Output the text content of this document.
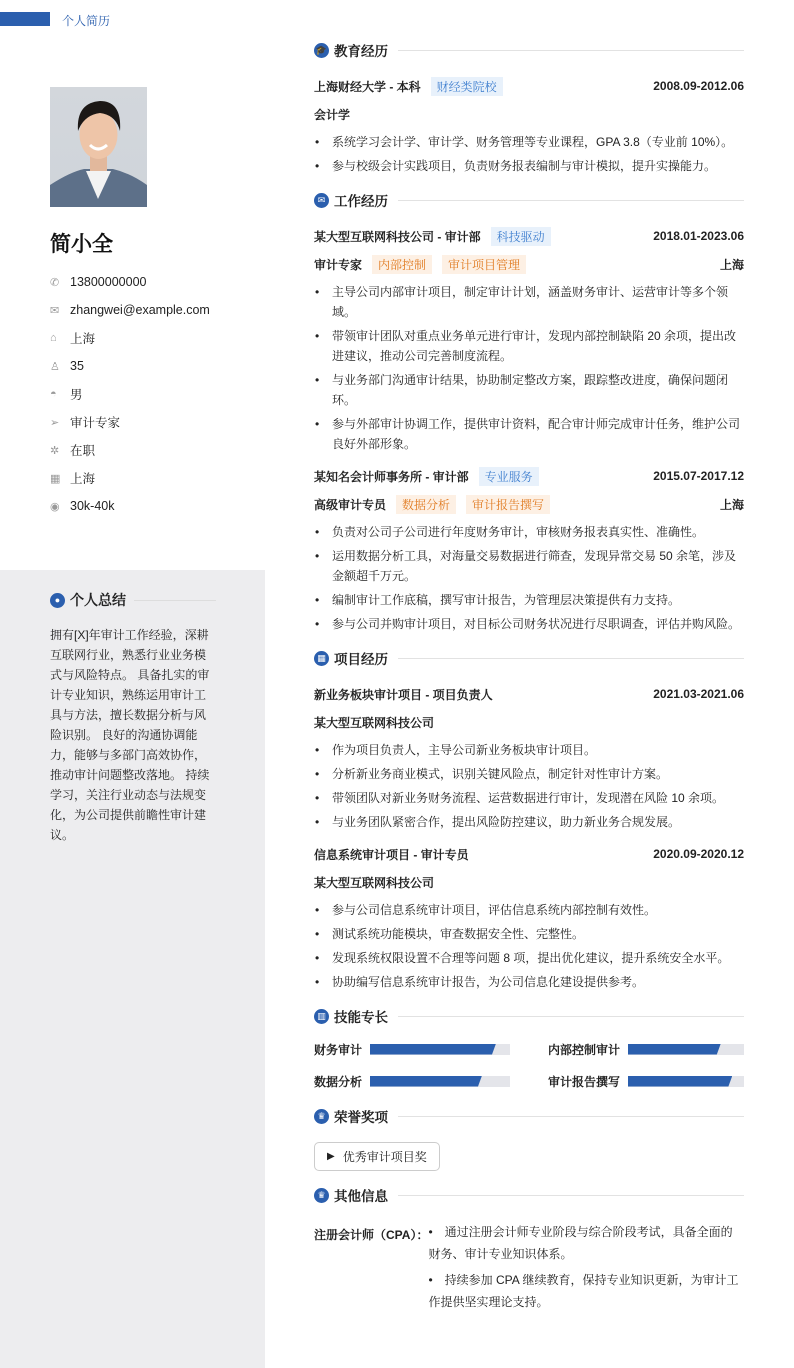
个人简历
简小全
✆ 13800000000
✉ zhangwei@example.com
⌂	上海
♙ 35
◓	男
➢ 审计专家
✲ 在职
▦ 上海
◉ 30k-40k
● 个人总结
拥有[X]年审计工作经验，深耕互联网行业，熟悉行业业务模式与风险特点。 具备扎实的审计专业知识，熟练运用审计工具与方法，擅长数据分析与风险识别。 良好的沟通协调能力，能够与多部门高效协作，推动审计问题整改落地。 持续学习，关注行业动态与法规变化，为公司提供前瞻性审计建议。
🎓 教育经历
上海财经大学 - 本科	财经类院校	2008.09-2012.06
会计学
• 系统学习会计学、审计学、财务管理等专业课程，GPA 3.8（专业前 10%）。
• 参与校级会计实践项目，负责财务报表编制与审计模拟，提升实操能力。
✉ 工作经历
某大型互联网科技公司 - 审计部	科技驱动	2018.01-2023.06
审计专家	内部控制	审计项目管理	上海
• 主导公司内部审计项目，制定审计计划，涵盖财务审计、运营审计等多个领域。
• 带领审计团队对重点业务单元进行审计，发现内部控制缺陷 20 余项，提出改进建议，推动公司完善制度流程。
• 与业务部门沟通审计结果，协助制定整改方案，跟踪整改进度，确保问题闭环。
• 参与外部审计协调工作，提供审计资料，配合审计师完成审计任务，维护公司良好外部形象。
某知名会计师事务所 - 审计部	专业服务	2015.07-2017.12
高级审计专员	数据分析	审计报告撰写	上海
• 负责对公司子公司进行年度财务审计，审核财务报表真实性、准确性。
• 运用数据分析工具，对海量交易数据进行筛查，发现异常交易 50 余笔，涉及金额超千万元。
• 编制审计工作底稿，撰写审计报告，为管理层决策提供有力支持。
• 参与公司并购审计项目，对目标公司财务状况进行尽职调查，评估并购风险。
▦ 项目经历
新业务板块审计项目 - 项目负责人	2021.03-2021.06
某大型互联网科技公司
• 作为项目负责人，主导公司新业务板块审计项目。
• 分析新业务商业模式，识别关键风险点，制定针对性审计方案。
• 带领团队对新业务财务流程、运营数据进行审计，发现潜在风险 10 余项。
• 与业务团队紧密合作，提出风险防控建议，助力新业务合规发展。
信息系统审计项目 - 审计专员	2020.09-2020.12
某大型互联网科技公司
• 参与公司信息系统审计项目，评估信息系统内部控制有效性。
• 测试系统功能模块，审查数据安全性、完整性。
• 发现系统权限设置不合理等问题 8 项，提出优化建议，提升系统安全水平。
• 协助编写信息系统审计报告，为公司信息化建设提供参考。
▥ 技能专长
财务审计	内部控制审计
数据分析	审计报告撰写
♛ 荣誉奖项
▶ 优秀审计项目奖
♛ 其他信息
注册会计师（CPA）：	• 通过注册会计师专业阶段与综合阶段考试，具备全面的财务、审计专业知识体系。
• 持续参加 CPA 继续教育，保持专业知识更新，为审计工作提供坚实理论支持。
